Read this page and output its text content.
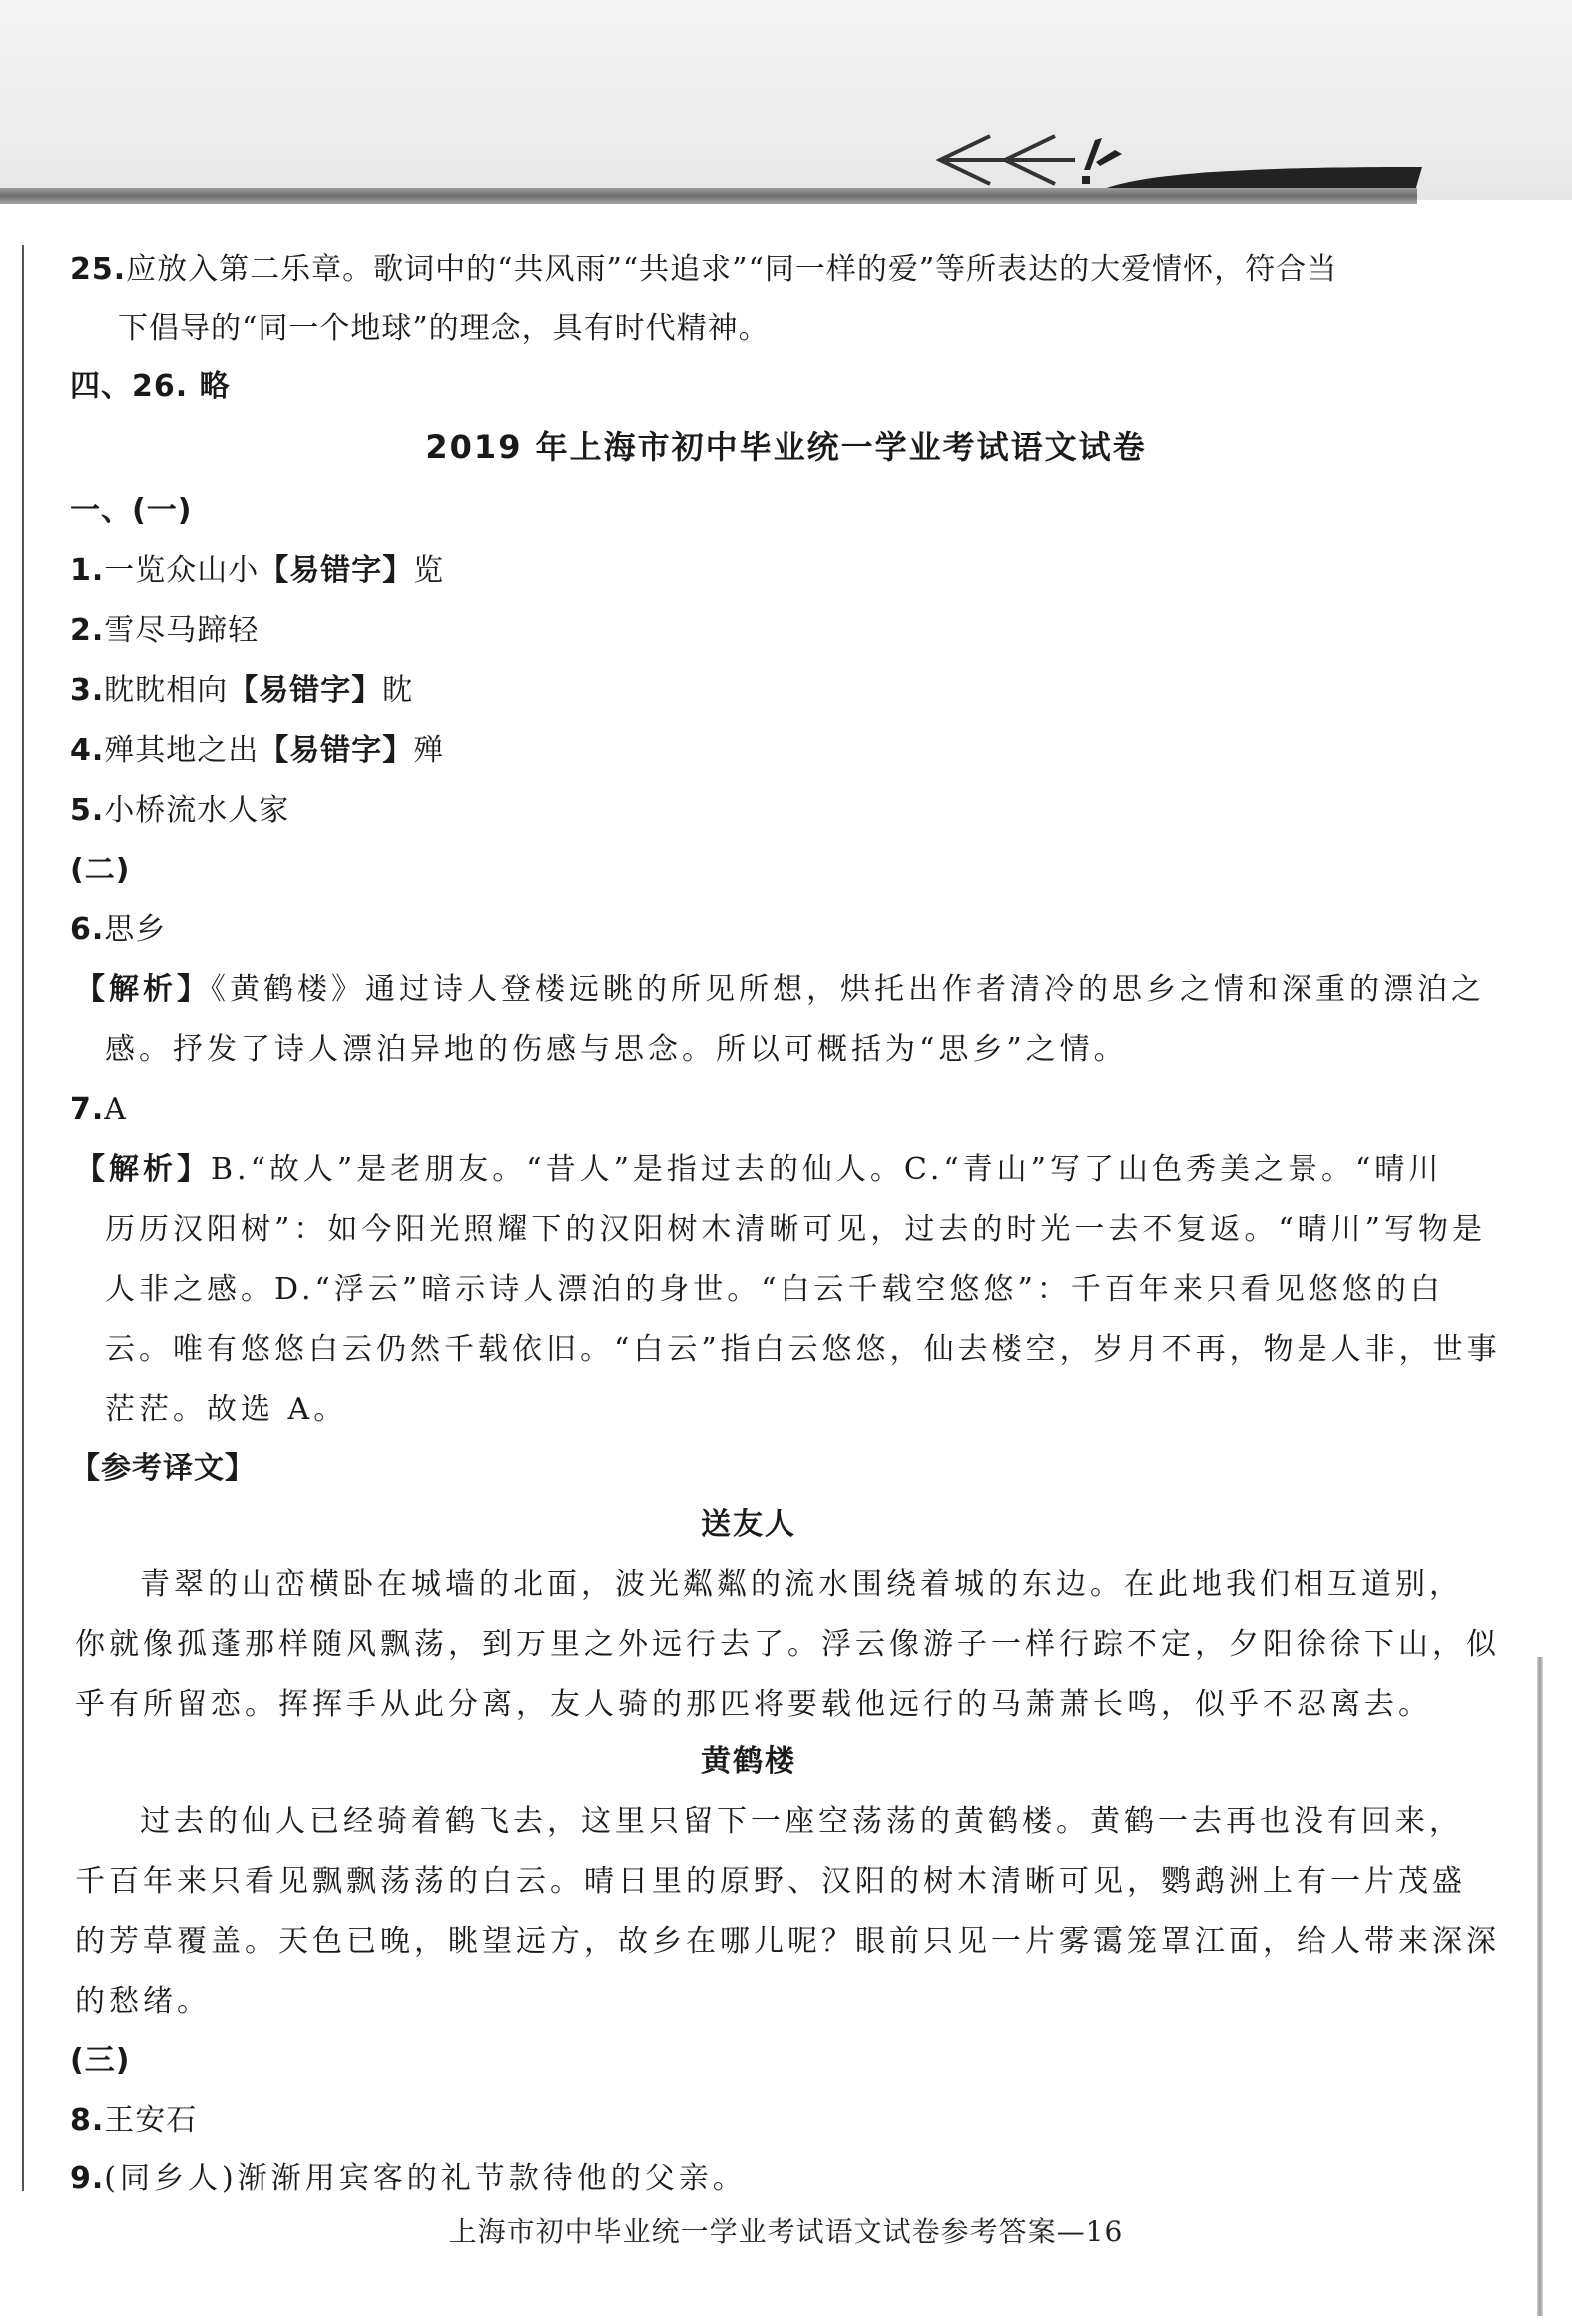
25.应放入第二乐章。歌词中的“共风雨”“共追求”“同一样的爱”等所表达的大爱情怀，符合当
下倡导的“同一个地球”的理念，具有时代精神。
四、26. 略
2019 年上海市初中毕业统一学业考试语文试卷
一、(一)
1.一览众山小【易错字】览
2.雪尽马蹄轻
3.眈眈相向【易错字】眈
4.殚其地之出【易错字】殚
5.小桥流水人家
(二)
6.思乡
【解析】《黄鹤楼》通过诗人登楼远眺的所见所想，烘托出作者清冷的思乡之情和深重的漂泊之
感。抒发了诗人漂泊异地的伤感与思念。所以可概括为“思乡”之情。
7.A
【解析】B.“故人”是老朋友。“昔人”是指过去的仙人。C.“青山”写了山色秀美之景。“晴川
历历汉阳树”：如今阳光照耀下的汉阳树木清晰可见，过去的时光一去不复返。“晴川”写物是
人非之感。D.“浮云”暗示诗人漂泊的身世。“白云千载空悠悠”：千百年来只看见悠悠的白
云。唯有悠悠白云仍然千载依旧。“白云”指白云悠悠，仙去楼空，岁月不再，物是人非，世事
茫茫。故选 A。
【参考译文】
送友人
青翠的山峦横卧在城墙的北面，波光粼粼的流水围绕着城的东边。在此地我们相互道别，
你就像孤蓬那样随风飘荡，到万里之外远行去了。浮云像游子一样行踪不定，夕阳徐徐下山，似
乎有所留恋。挥挥手从此分离，友人骑的那匹将要载他远行的马萧萧长鸣，似乎不忍离去。
黄鹤楼
过去的仙人已经骑着鹤飞去，这里只留下一座空荡荡的黄鹤楼。黄鹤一去再也没有回来，
千百年来只看见飘飘荡荡的白云。晴日里的原野、汉阳的树木清晰可见，鹦鹉洲上有一片茂盛
的芳草覆盖。天色已晚，眺望远方，故乡在哪儿呢？眼前只见一片雾霭笼罩江面，给人带来深深
的愁绪。
(三)
8.王安石
9.(同乡人)渐渐用宾客的礼节款待他的父亲。
上海市初中毕业统一学业考试语文试卷参考答案—16
